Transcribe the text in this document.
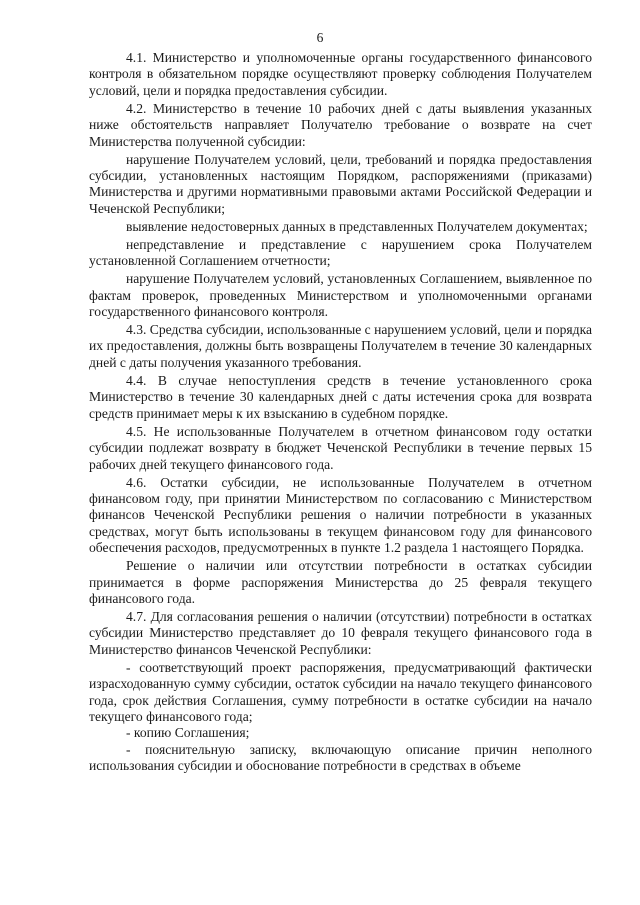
6

4.1. Министерство и уполномоченные органы государственного финансового контроля в обязательном порядке осуществляют проверку соблюдения Получателем условий, цели и порядка предоставления субсидии.

4.2. Министерство в течение 10 рабочих дней с даты выявления указанных ниже обстоятельств направляет Получателю требование о возврате на счет Министерства полученной субсидии:

нарушение Получателем условий, цели, требований и порядка предоставления субсидии, установленных настоящим Порядком, распоряжениями (приказами) Министерства и другими нормативными правовыми актами Российской Федерации и Чеченской Республики;

выявление недостоверных данных в представленных Получателем документах;

непредставление и представление с нарушением срока Получателем установленной Соглашением отчетности;

нарушение Получателем условий, установленных Соглашением, выявленное по фактам проверок, проведенных Министерством и уполномоченными органами государственного финансового контроля.

4.3. Средства субсидии, использованные с нарушением условий, цели и порядка их предоставления, должны быть возвращены Получателем в течение 30 календарных дней с даты получения указанного требования.

4.4. В случае непоступления средств в течение установленного срока Министерство в течение 30 календарных дней с даты истечения срока для возврата средств принимает меры к их взысканию в судебном порядке.

4.5. Не использованные Получателем в отчетном финансовом году остатки субсидии подлежат возврату в бюджет Чеченской Республики в течение первых 15 рабочих дней текущего финансового года.

4.6. Остатки субсидии, не использованные Получателем в отчетном финансовом году, при принятии Министерством по согласованию с Министерством финансов Чеченской Республики решения о наличии потребности в указанных средствах, могут быть использованы в текущем финансовом году для финансового обеспечения расходов, предусмотренных в пункте 1.2 раздела 1 настоящего Порядка.

Решение о наличии или отсутствии потребности в остатках субсидии принимается в форме распоряжения Министерства до 25 февраля текущего финансового года.

4.7. Для согласования решения о наличии (отсутствии) потребности в остатках субсидии Министерство представляет до 10 февраля текущего финансового года в Министерство финансов Чеченской Республики:

- соответствующий проект распоряжения, предусматривающий фактически израсходованную сумму субсидии, остаток субсидии на начало текущего финансового года, срок действия Соглашения, сумму потребности в остатке субсидии на начало текущего финансового года;

- копию Соглашения;

- пояснительную записку, включающую описание причин неполного использования субсидии и обоснование потребности в средствах в объеме
